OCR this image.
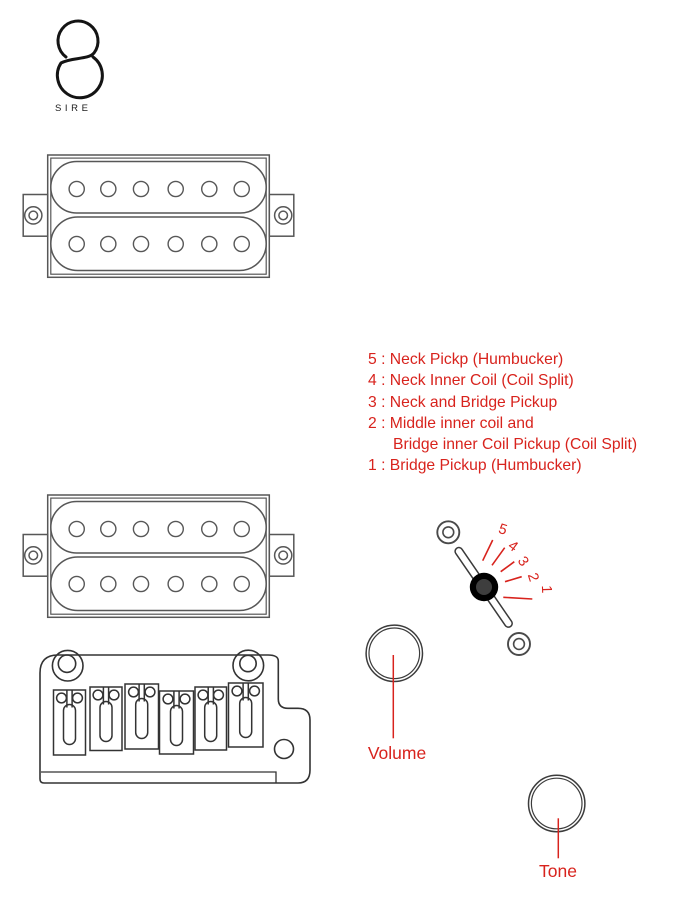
SIRE
5 : Neck Pickp (Humbucker)
4 : Neck Inner Coil (Coil Split)
3 : Neck and Bridge Pickup
2 : Middle inner coil and
Bridge inner Coil Pickup (Coil Split)
1 : Bridge Pickup (Humbucker)
5
4
3
2
1
Volume
Tone
